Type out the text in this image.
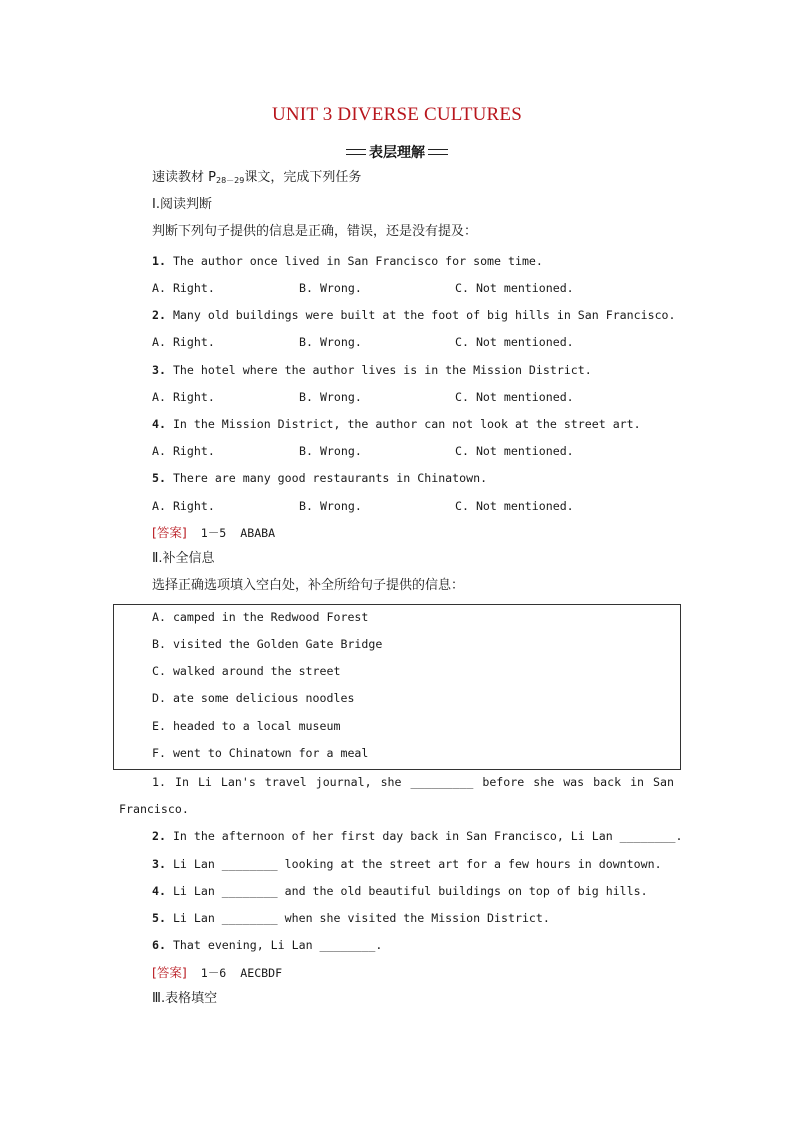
UNIT 3 DIVERSE CULTURES
表层理解
速读教材 $P_{28-29}$课文，完成下列任务
Ⅰ.阅读判断
判断下列句子提供的信息是正确，错误，还是没有提及：
1. The author once lived in San Francisco for some time.
A. Right.	B. Wrong.	C. Not mentioned.
2. Many old buildings were built at the foot of big hills in San Francisco.
A. Right.	B. Wrong.	C. Not mentioned.
3. The hotel where the author lives is in the Mission District.
A. Right.	B. Wrong.	C. Not mentioned.
4. In the Mission District, the author can not look at the street art.
A. Right.	B. Wrong.	C. Not mentioned.
5. There are many good restaurants in Chinatown.
A. Right.	B. Wrong.	C. Not mentioned.
[答案]  1－5  ABABA
Ⅱ.补全信息
选择正确选项填入空白处，补全所给句子提供的信息：
A. camped in the Redwood Forest
B. visited the Golden Gate Bridge
C. walked around the street
D. ate some delicious noodles
E. headed to a local museum
F. went to Chinatown for a meal
1. In Li Lan's travel journal, she _________ before she was back in San
Francisco.
2. In the afternoon of her first day back in San Francisco, Li Lan ________.
3. Li Lan ________ looking at the street art for a few hours in downtown.
4. Li Lan ________ and the old beautiful buildings on top of big hills.
5. Li Lan ________ when she visited the Mission District.
6. That evening, Li Lan ________.
[答案]  1－6  AECBDF
Ⅲ.表格填空
